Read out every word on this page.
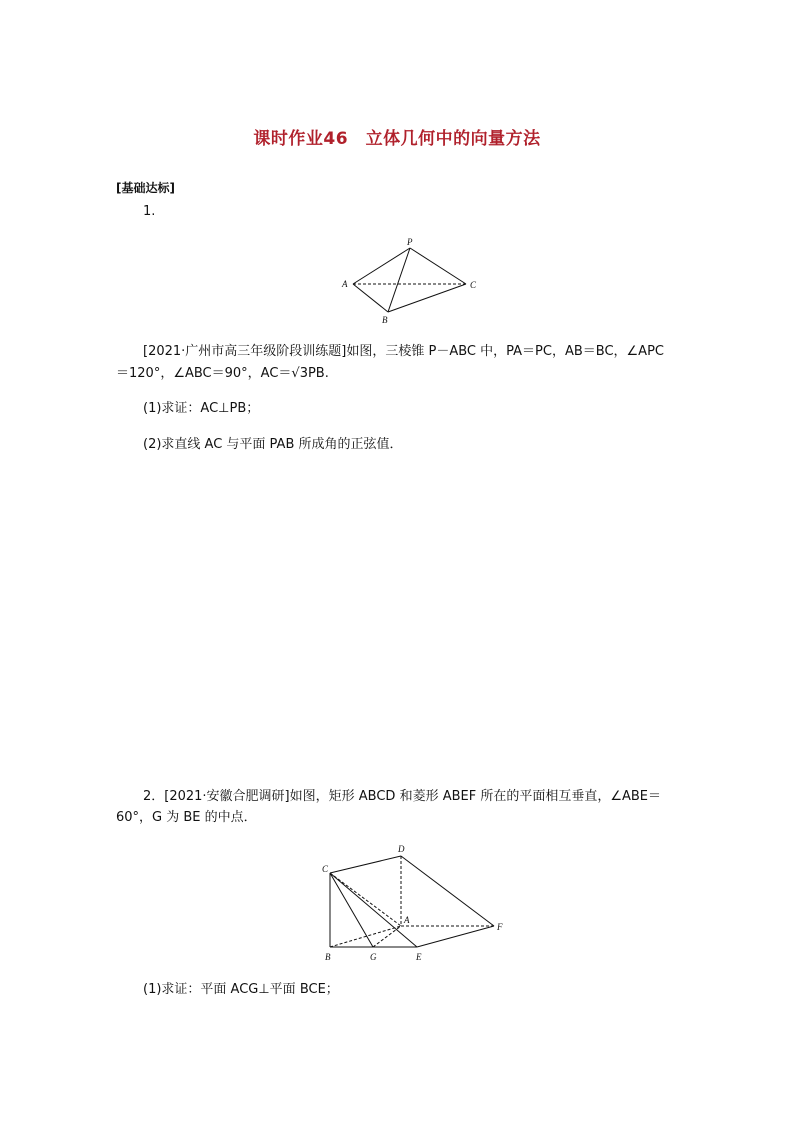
课时作业46　立体几何中的向量方法
[基础达标]
1.
P
A	C
B
[2021·广州市高三年级阶段训练题]如图，三棱锥 P－ABC 中，PA＝PC，AB＝BC，∠APC
＝120°，∠ABC＝90°，AC＝√3PB.
(1)求证：AC⊥PB；
(2)求直线 AC 与平面 PAB 所成角的正弦值．
2．[2021·安徽合肥调研]如图，矩形 ABCD 和菱形 ABEF 所在的平面相互垂直，∠ABE＝
60°，G 为 BE 的中点．
C
D
A
F
B	G	E
(1)求证：平面 ACG⊥平面 BCE；
